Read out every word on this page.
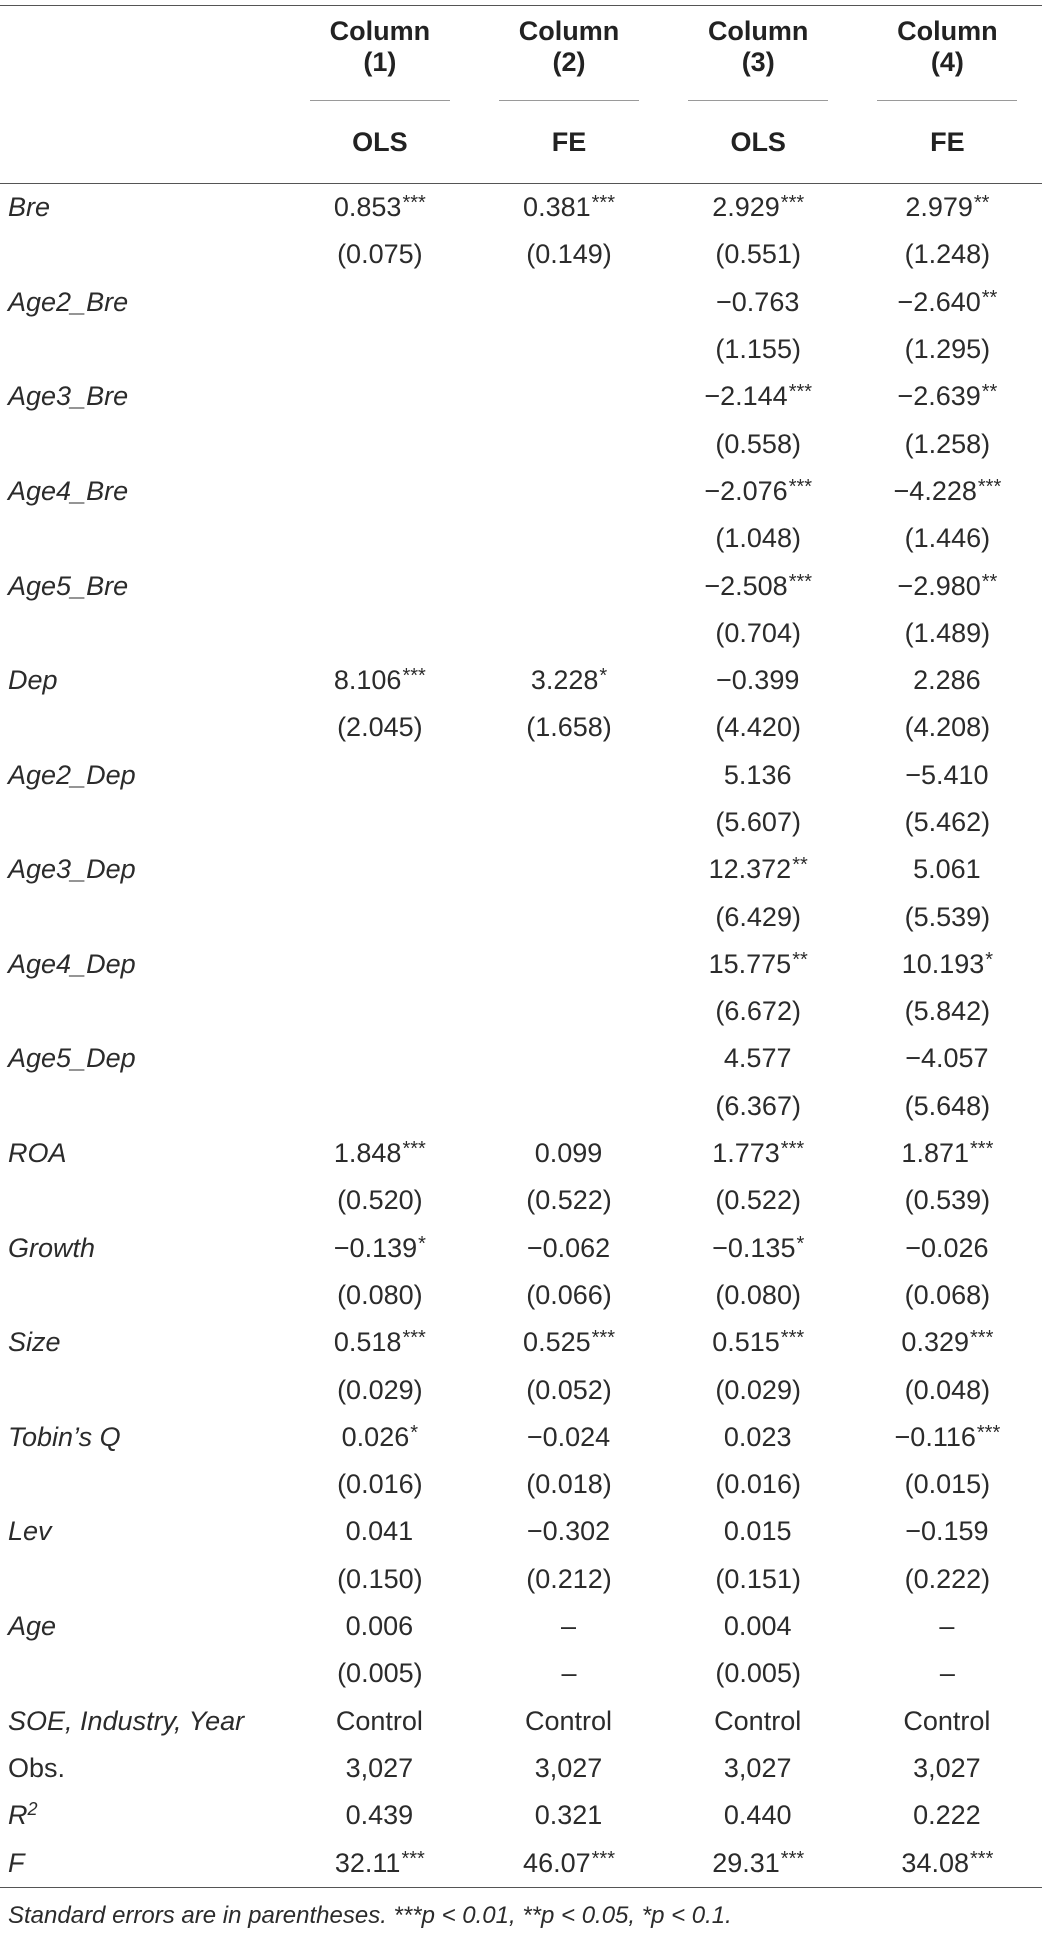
	Column (1)	Column (2)	Column (3)	Column (4)
	OLS	FE	OLS	FE
Bre	0.853***	0.381***	2.929***	2.979**
	(0.075)	(0.149)	(0.551)	(1.248)
Age2_Bre			−0.763	−2.640**
			(1.155)	(1.295)
Age3_Bre			−2.144***	−2.639**
			(0.558)	(1.258)
Age4_Bre			−2.076***	−4.228***
			(1.048)	(1.446)
Age5_Bre			−2.508***	−2.980**
			(0.704)	(1.489)
Dep	8.106***	3.228*	−0.399	2.286
	(2.045)	(1.658)	(4.420)	(4.208)
Age2_Dep			5.136	−5.410
			(5.607)	(5.462)
Age3_Dep			12.372**	5.061
			(6.429)	(5.539)
Age4_Dep			15.775**	10.193*
			(6.672)	(5.842)
Age5_Dep			4.577	−4.057
			(6.367)	(5.648)
ROA	1.848***	0.099	1.773***	1.871***
	(0.520)	(0.522)	(0.522)	(0.539)
Growth	−0.139*	−0.062	−0.135*	−0.026
	(0.080)	(0.066)	(0.080)	(0.068)
Size	0.518***	0.525***	0.515***	0.329***
	(0.029)	(0.052)	(0.029)	(0.048)
Tobin’s Q	0.026*	−0.024	0.023	−0.116***
	(0.016)	(0.018)	(0.016)	(0.015)
Lev	0.041	−0.302	0.015	−0.159
	(0.150)	(0.212)	(0.151)	(0.222)
Age	0.006	–	0.004	–
	(0.005)	–	(0.005)	–
SOE, Industry, Year	Control	Control	Control	Control
Obs.	3,027	3,027	3,027	3,027
$R^2$	0.439	0.321	0.440	0.222
F	32.11***	46.07***	29.31***	34.08***
Standard errors are in parentheses. ***p < 0.01, **p < 0.05, *p < 0.1.
